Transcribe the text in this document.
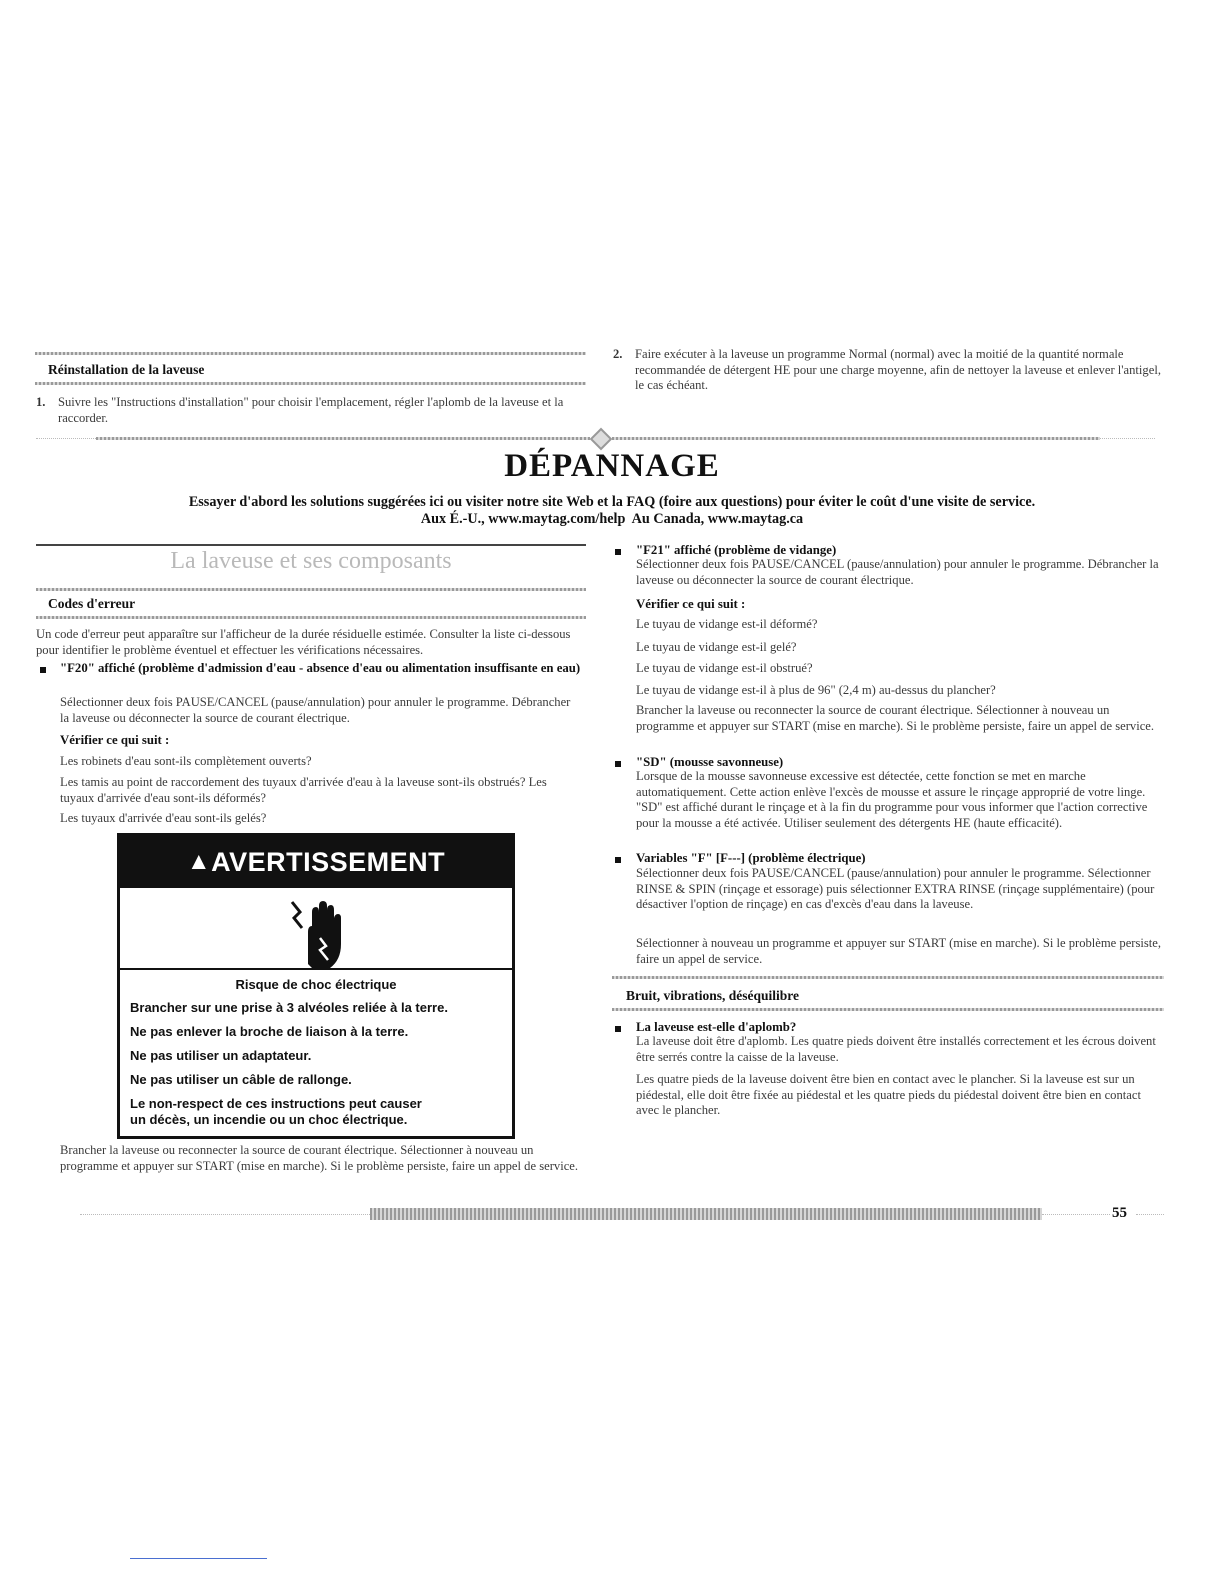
Réinstallation de la laveuse
1. Suivre les "Instructions d'installation" pour choisir l'emplacement, régler l'aplomb de la laveuse et la raccorder.
2. Faire exécuter à la laveuse un programme Normal (normal) avec la moitié de la quantité normale recommandée de détergent HE pour une charge moyenne, afin de nettoyer la laveuse et enlever l'antigel, le cas échéant.
DÉPANNAGE
Essayer d'abord les solutions suggérées ici ou visiter notre site Web et la FAQ (foire aux questions) pour éviter le coût d'une visite de service.
Aux É.-U., www.maytag.com/help  Au Canada, www.maytag.ca
La laveuse et ses composants
Codes d'erreur
Un code d'erreur peut apparaître sur l'afficheur de la durée résiduelle estimée. Consulter la liste ci-dessous pour identifier le problème éventuel et effectuer les vérifications nécessaires.
"F20" affiché (problème d'admission d'eau - absence d'eau ou alimentation insuffisante en eau)
Sélectionner deux fois PAUSE/CANCEL (pause/annulation) pour annuler le programme. Débrancher la laveuse ou déconnecter la source de courant électrique.
Vérifier ce qui suit :
Les robinets d'eau sont-ils complètement ouverts?
Les tamis au point de raccordement des tuyaux d'arrivée d'eau à la laveuse sont-ils obstrués? Les tuyaux d'arrivée d'eau sont-ils déformés?
Les tuyaux d'arrivée d'eau sont-ils gelés?
▲AVERTISSEMENT
Risque de choc électrique
Brancher sur une prise à 3 alvéoles reliée à la terre.
Ne pas enlever la broche de liaison à la terre.
Ne pas utiliser un adaptateur.
Ne pas utiliser un câble de rallonge.
Le non-respect de ces instructions peut causer
un décès, un incendie ou un choc électrique.
Brancher la laveuse ou reconnecter la source de courant électrique. Sélectionner à nouveau un programme et appuyer sur START (mise en marche). Si le problème persiste, faire un appel de service.
"F21" affiché (problème de vidange)
Sélectionner deux fois PAUSE/CANCEL (pause/annulation) pour annuler le programme. Débrancher la laveuse ou déconnecter la source de courant électrique.
Vérifier ce qui suit :
Le tuyau de vidange est-il déformé?
Le tuyau de vidange est-il gelé?
Le tuyau de vidange est-il obstrué?
Le tuyau de vidange est-il à plus de 96" (2,4 m) au-dessus du plancher?
Brancher la laveuse ou reconnecter la source de courant électrique. Sélectionner à nouveau un programme et appuyer sur START (mise en marche). Si le problème persiste, faire un appel de service.
"SD" (mousse savonneuse)
Lorsque de la mousse savonneuse excessive est détectée, cette fonction se met en marche automatiquement. Cette action enlève l'excès de mousse et assure le rinçage approprié de votre linge. "SD" est affiché durant le rinçage et à la fin du programme pour vous informer que l'action corrective pour la mousse a été activée. Utiliser seulement des détergents HE (haute efficacité).
Variables "F" [F---] (problème électrique)
Sélectionner deux fois PAUSE/CANCEL (pause/annulation) pour annuler le programme. Sélectionner RINSE & SPIN (rinçage et essorage) puis sélectionner EXTRA RINSE (rinçage supplémentaire) (pour désactiver l'option de rinçage) en cas d'excès d'eau dans la laveuse.
Sélectionner à nouveau un programme et appuyer sur START (mise en marche). Si le problème persiste, faire un appel de service.
Bruit, vibrations, déséquilibre
La laveuse est-elle d'aplomb?
La laveuse doit être d'aplomb. Les quatre pieds doivent être installés correctement et les écrous doivent être serrés contre la caisse de la laveuse.
Les quatre pieds de la laveuse doivent être bien en contact avec le plancher. Si la laveuse est sur un piédestal, elle doit être fixée au piédestal et les quatre pieds du piédestal doivent être bien en contact avec le plancher.
55
